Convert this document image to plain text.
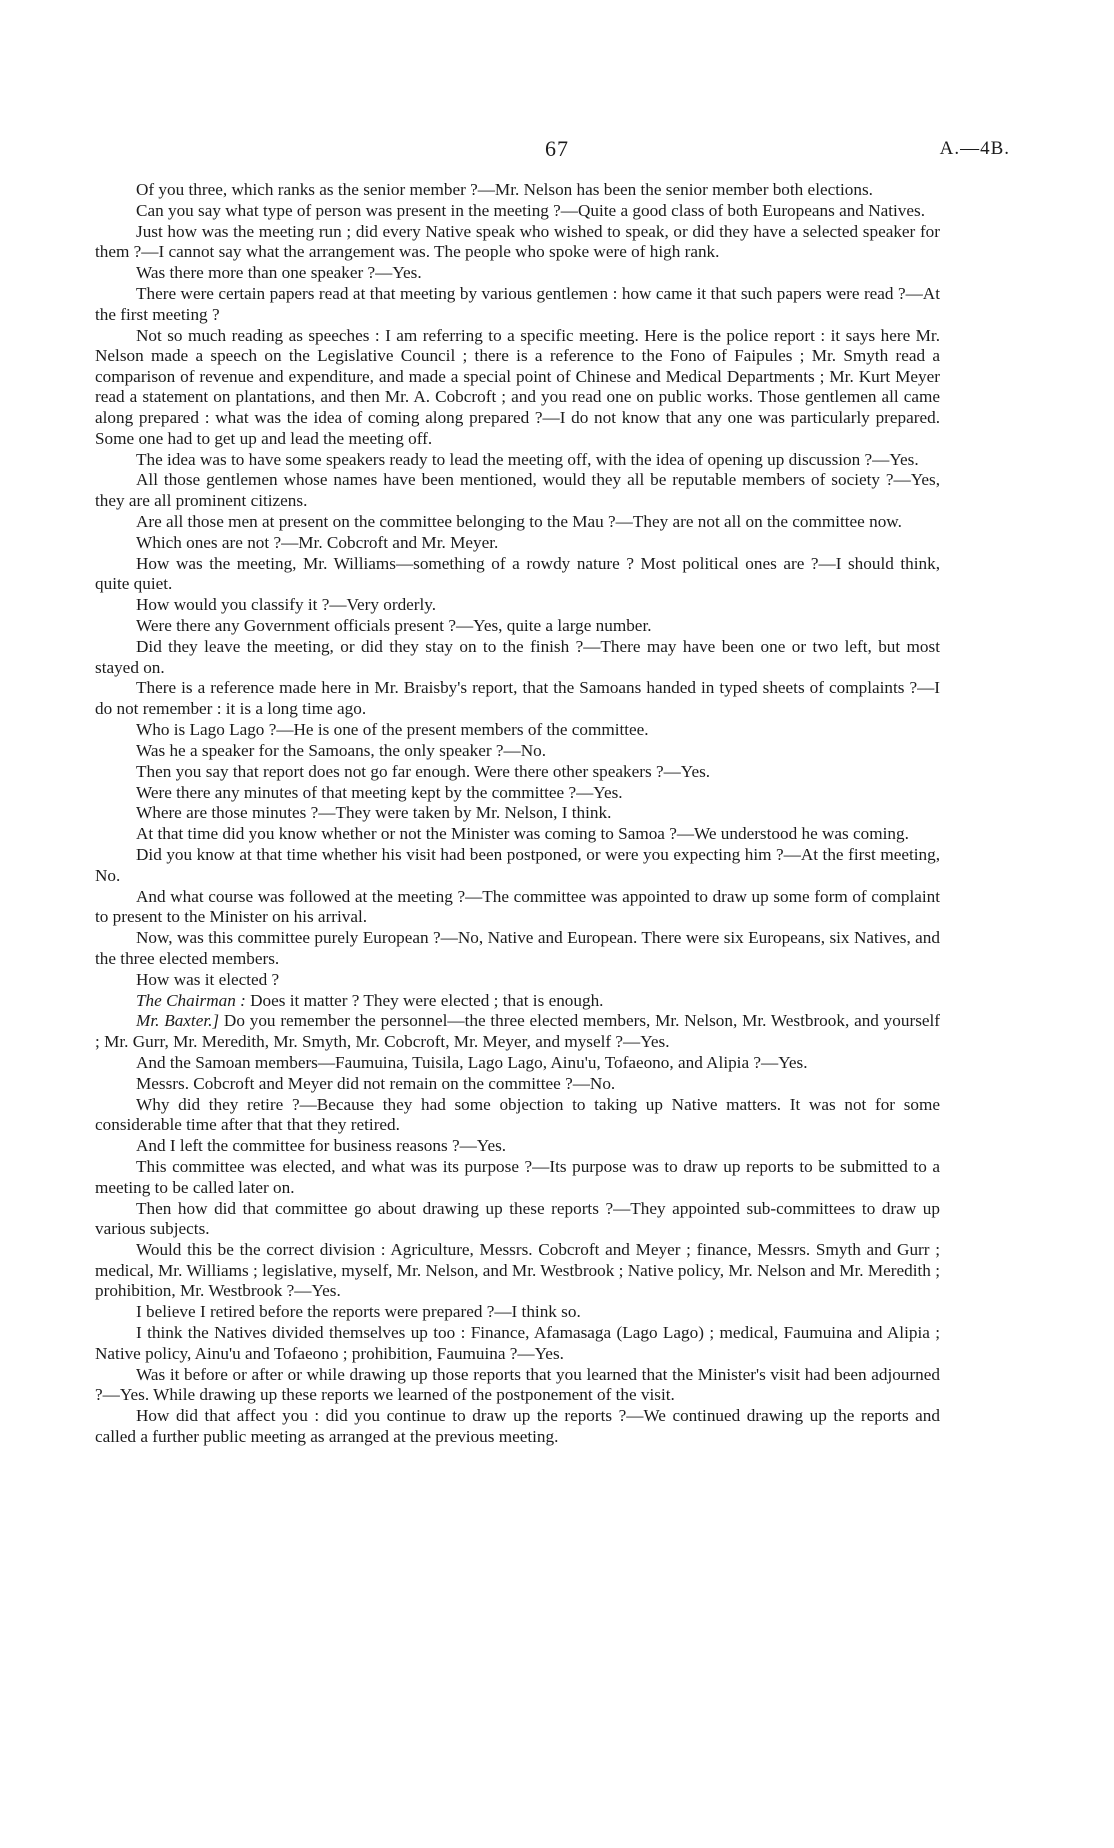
67	A.—4B.

Of you three, which ranks as the senior member ?—Mr. Nelson has been the senior member both elections.

Can you say what type of person was present in the meeting ?—Quite a good class of both Europeans and Natives.

Just how was the meeting run ; did every Native speak who wished to speak, or did they have a selected speaker for them ?—I cannot say what the arrangement was. The people who spoke were of high rank.

Was there more than one speaker ?—Yes.

There were certain papers read at that meeting by various gentlemen : how came it that such papers were read ?—At the first meeting ?

Not so much reading as speeches : I am referring to a specific meeting. Here is the police report : it says here Mr. Nelson made a speech on the Legislative Council ; there is a reference to the Fono of Faipules ; Mr. Smyth read a comparison of revenue and expenditure, and made a special point of Chinese and Medical Departments ; Mr. Kurt Meyer read a statement on plantations, and then Mr. A. Cobcroft ; and you read one on public works. Those gentlemen all came along prepared : what was the idea of coming along prepared ?—I do not know that any one was particularly prepared. Some one had to get up and lead the meeting off.

The idea was to have some speakers ready to lead the meeting off, with the idea of opening up discussion ?—Yes.

All those gentlemen whose names have been mentioned, would they all be reputable members of society ?—Yes, they are all prominent citizens.

Are all those men at present on the committee belonging to the Mau ?—They are not all on the committee now.

Which ones are not ?—Mr. Cobcroft and Mr. Meyer.

How was the meeting, Mr. Williams—something of a rowdy nature ? Most political ones are ?—I should think, quite quiet.

How would you classify it ?—Very orderly.

Were there any Government officials present ?—Yes, quite a large number.

Did they leave the meeting, or did they stay on to the finish ?—There may have been one or two left, but most stayed on.

There is a reference made here in Mr. Braisby's report, that the Samoans handed in typed sheets of complaints ?—I do not remember : it is a long time ago.

Who is Lago Lago ?—He is one of the present members of the committee.

Was he a speaker for the Samoans, the only speaker ?—No.

Then you say that report does not go far enough. Were there other speakers ?—Yes.

Were there any minutes of that meeting kept by the committee ?—Yes.

Where are those minutes ?—They were taken by Mr. Nelson, I think.

At that time did you know whether or not the Minister was coming to Samoa ?—We understood he was coming.

Did you know at that time whether his visit had been postponed, or were you expecting him ?—At the first meeting, No.

And what course was followed at the meeting ?—The committee was appointed to draw up some form of complaint to present to the Minister on his arrival.

Now, was this committee purely European ?—No, Native and European. There were six Europeans, six Natives, and the three elected members.

How was it elected ?

The Chairman : Does it matter ? They were elected ; that is enough.

Mr. Baxter.] Do you remember the personnel—the three elected members, Mr. Nelson, Mr. Westbrook, and yourself ; Mr. Gurr, Mr. Meredith, Mr. Smyth, Mr. Cobcroft, Mr. Meyer, and myself ?—Yes.

And the Samoan members—Faumuina, Tuisila, Lago Lago, Ainu'u, Tofaeono, and Alipia ?—Yes.

Messrs. Cobcroft and Meyer did not remain on the committee ?—No.

Why did they retire ?—Because they had some objection to taking up Native matters. It was not for some considerable time after that that they retired.

And I left the committee for business reasons ?—Yes.

This committee was elected, and what was its purpose ?—Its purpose was to draw up reports to be submitted to a meeting to be called later on.

Then how did that committee go about drawing up these reports ?—They appointed sub-committees to draw up various subjects.

Would this be the correct division : Agriculture, Messrs. Cobcroft and Meyer ; finance, Messrs. Smyth and Gurr ; medical, Mr. Williams ; legislative, myself, Mr. Nelson, and Mr. Westbrook ; Native policy, Mr. Nelson and Mr. Meredith ; prohibition, Mr. Westbrook ?—Yes.

I believe I retired before the reports were prepared ?—I think so.

I think the Natives divided themselves up too : Finance, Afamasaga (Lago Lago) ; medical, Faumuina and Alipia ; Native policy, Ainu'u and Tofaeono ; prohibition, Faumuina ?—Yes.

Was it before or after or while drawing up those reports that you learned that the Minister's visit had been adjourned ?—Yes. While drawing up these reports we learned of the postponement of the visit.

How did that affect you : did you continue to draw up the reports ?—We continued drawing up the reports and called a further public meeting as arranged at the previous meeting.
